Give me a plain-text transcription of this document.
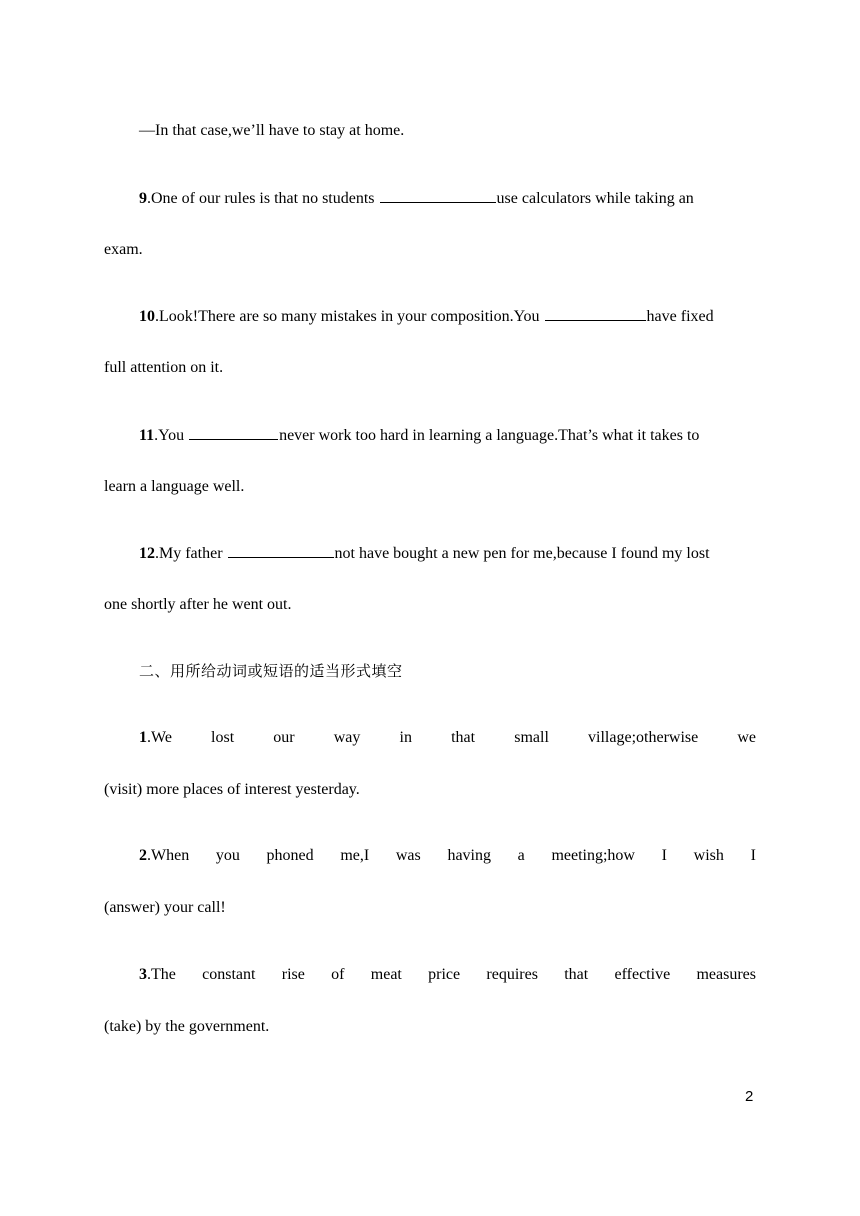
—In that case,we’ll have to stay at home.
9.One of our rules is that no students	use calculators while taking an
exam.
10.Look!There are so many mistakes in your composition.You	have fixed
full attention on it.
11.You	never work too hard in learning a language.That’s what it takes to
learn a language well.
12.My father	not have bought a new pen for me,because I found my lost
one shortly after he went out.
二、用所给动词或短语的适当形式填空
1.We lost our way in that small village;otherwise we
(visit) more places of interest yesterday.
2.When you phoned me,I was having a meeting;how I wish I
(answer) your call!
3.The constant rise of meat price requires that effective measures
(take) by the government.
2
